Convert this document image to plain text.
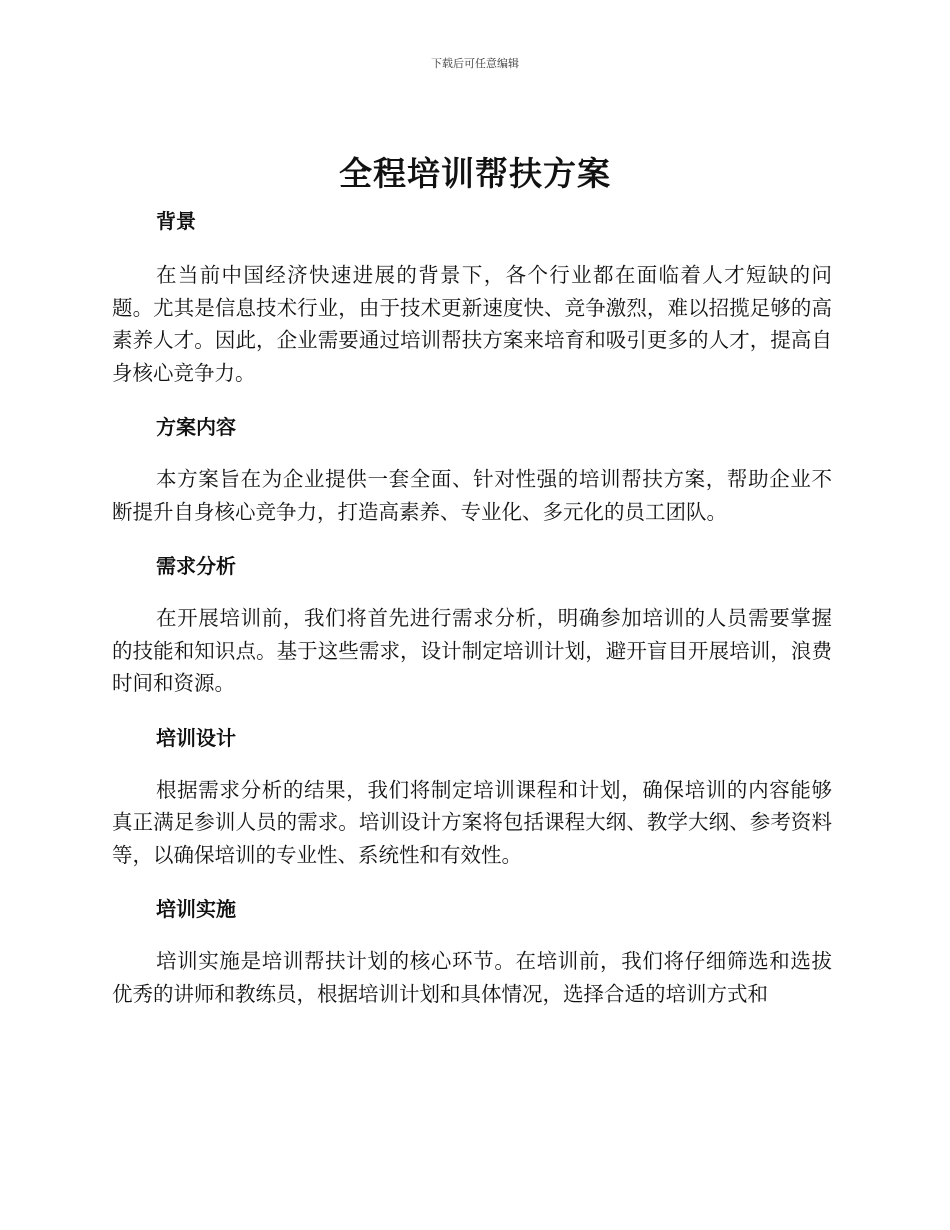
下载后可任意编辑
全程培训帮扶方案
背景

在当前中国经济快速进展的背景下，各个行业都在面临着人才短缺的问题。尤其是信息技术行业，由于技术更新速度快、竞争激烈，难以招揽足够的高素养人才。因此，企业需要通过培训帮扶方案来培育和吸引更多的人才，提高自身核心竞争力。

方案内容

本方案旨在为企业提供一套全面、针对性强的培训帮扶方案，帮助企业不断提升自身核心竞争力，打造高素养、专业化、多元化的员工团队。

需求分析

在开展培训前，我们将首先进行需求分析，明确参加培训的人员需要掌握的技能和知识点。基于这些需求，设计制定培训计划，避开盲目开展培训，浪费时间和资源。

培训设计

根据需求分析的结果，我们将制定培训课程和计划，确保培训的内容能够真正满足参训人员的需求。培训设计方案将包括课程大纲、教学大纲、参考资料等，以确保培训的专业性、系统性和有效性。

培训实施

培训实施是培训帮扶计划的核心环节。在培训前，我们将仔细筛选和选拔优秀的讲师和教练员，根据培训计划和具体情况，选择合适的培训方式和
